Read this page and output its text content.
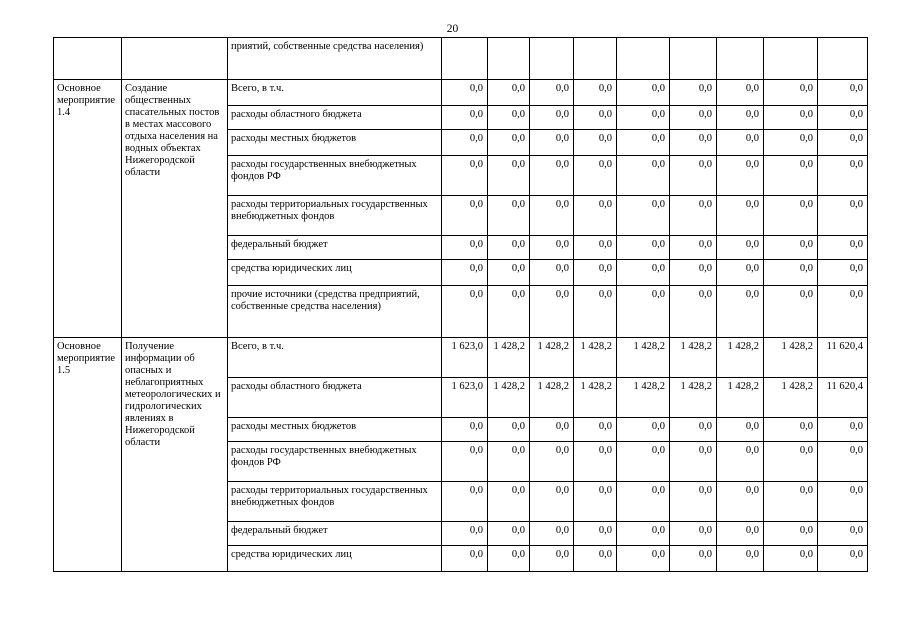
20
		приятий, собственные средства населения)									
Основное мероприятие 1.4	Создание общественных спасательных постов в местах массового отдыха населения на водных объектах Нижегородской области	Всего, в т.ч.	0,0	0,0	0,0	0,0	0,0	0,0	0,0	0,0	0,0
		расходы областного бюджета	0,0	0,0	0,0	0,0	0,0	0,0	0,0	0,0	0,0
		расходы местных бюджетов	0,0	0,0	0,0	0,0	0,0	0,0	0,0	0,0	0,0
		расходы государственных внебюджетных фондов РФ	0,0	0,0	0,0	0,0	0,0	0,0	0,0	0,0	0,0
		расходы территориальных государственных внебюджетных фондов	0,0	0,0	0,0	0,0	0,0	0,0	0,0	0,0	0,0
		федеральный бюджет	0,0	0,0	0,0	0,0	0,0	0,0	0,0	0,0	0,0
		средства юридических лиц	0,0	0,0	0,0	0,0	0,0	0,0	0,0	0,0	0,0
		прочие источники (средства предприятий, собственные средства населения)	0,0	0,0	0,0	0,0	0,0	0,0	0,0	0,0	0,0
Основное мероприятие 1.5	Получение информации об опасных и неблагоприятных метеорологических и гидрологических явлениях в Нижегородской области	Всего, в т.ч.	1 623,0	1 428,2	1 428,2	1 428,2	1 428,2	1 428,2	1 428,2	1 428,2	11 620,4
		расходы областного бюджета	1 623,0	1 428,2	1 428,2	1 428,2	1 428,2	1 428,2	1 428,2	1 428,2	11 620,4
		расходы местных бюджетов	0,0	0,0	0,0	0,0	0,0	0,0	0,0	0,0	0,0
		расходы государственных внебюджетных фондов РФ	0,0	0,0	0,0	0,0	0,0	0,0	0,0	0,0	0,0
		расходы территориальных государственных внебюджетных фондов	0,0	0,0	0,0	0,0	0,0	0,0	0,0	0,0	0,0
		федеральный бюджет	0,0	0,0	0,0	0,0	0,0	0,0	0,0	0,0	0,0
		средства юридических лиц	0,0	0,0	0,0	0,0	0,0	0,0	0,0	0,0	0,0
